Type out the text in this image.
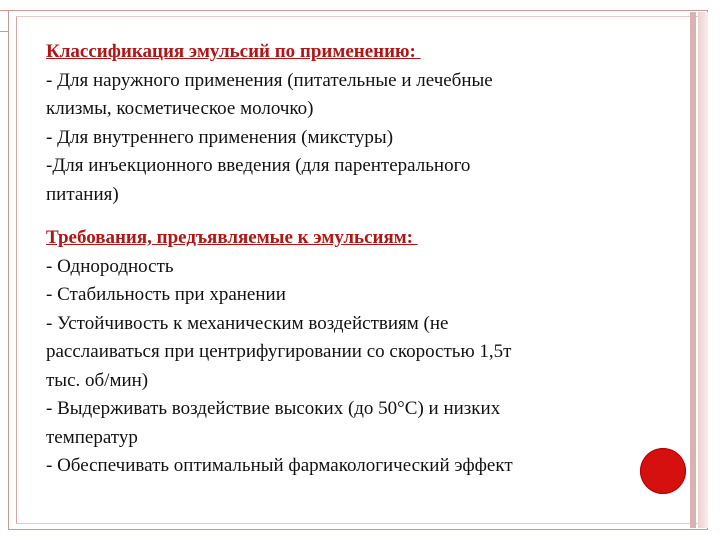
Классификация эмульсий по применению:

- Для наружного применения (питательные и лечебные

клизмы, косметическое молочко)

- Для внутреннего применения (микстуры)

-Для инъекционного введения (для парентерального

питания)

Требования, предъявляемые к эмульсиям:

- Однородность

- Стабильность при хранении

- Устойчивость к механическим воздействиям (не

расслаиваться при центрифугировании со скоростью 1,5т

тыс. об/мин)

- Выдерживать воздействие высоких (до 50°С) и низких

температур

- Обеспечивать оптимальный фармакологический эффект
